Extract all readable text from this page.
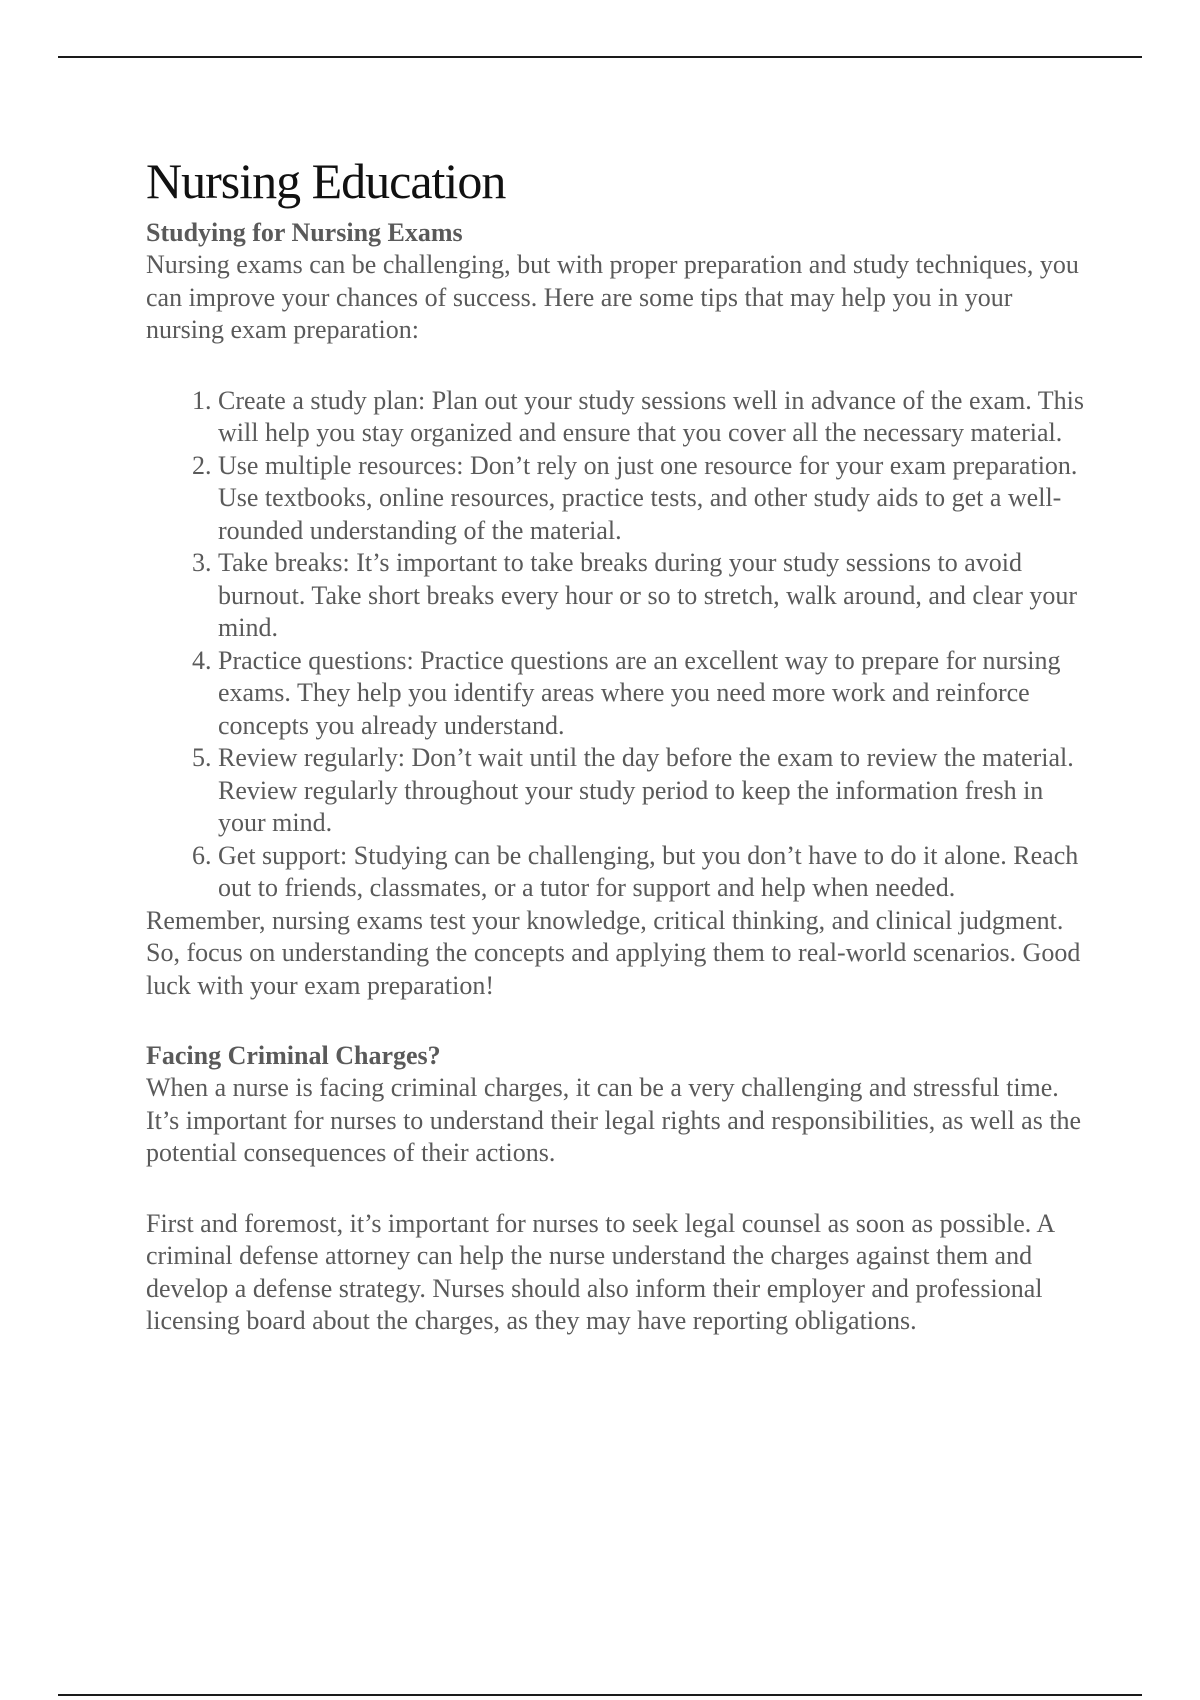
Nursing Education
Studying for Nursing Exams

Nursing exams can be challenging, but with proper preparation and study techniques, you can improve your chances of success. Here are some tips that may help you in your nursing exam preparation:

1. Create a study plan: Plan out your study sessions well in advance of the exam. This will help you stay organized and ensure that you cover all the necessary material.
2. Use multiple resources: Don’t rely on just one resource for your exam preparation. Use textbooks, online resources, practice tests, and other study aids to get a well-rounded understanding of the material.
3. Take breaks: It’s important to take breaks during your study sessions to avoid burnout. Take short breaks every hour or so to stretch, walk around, and clear your mind.
4. Practice questions: Practice questions are an excellent way to prepare for nursing exams. They help you identify areas where you need more work and reinforce concepts you already understand.
5. Review regularly: Don’t wait until the day before the exam to review the material. Review regularly throughout your study period to keep the information fresh in your mind.
6. Get support: Studying can be challenging, but you don’t have to do it alone. Reach out to friends, classmates, or a tutor for support and help when needed.

Remember, nursing exams test your knowledge, critical thinking, and clinical judgment. So, focus on understanding the concepts and applying them to real-world scenarios. Good luck with your exam preparation!

Facing Criminal Charges?

When a nurse is facing criminal charges, it can be a very challenging and stressful time. It’s important for nurses to understand their legal rights and responsibilities, as well as the potential consequences of their actions.

First and foremost, it’s important for nurses to seek legal counsel as soon as possible. A criminal defense attorney can help the nurse understand the charges against them and develop a defense strategy. Nurses should also inform their employer and professional licensing board about the charges, as they may have reporting obligations.
